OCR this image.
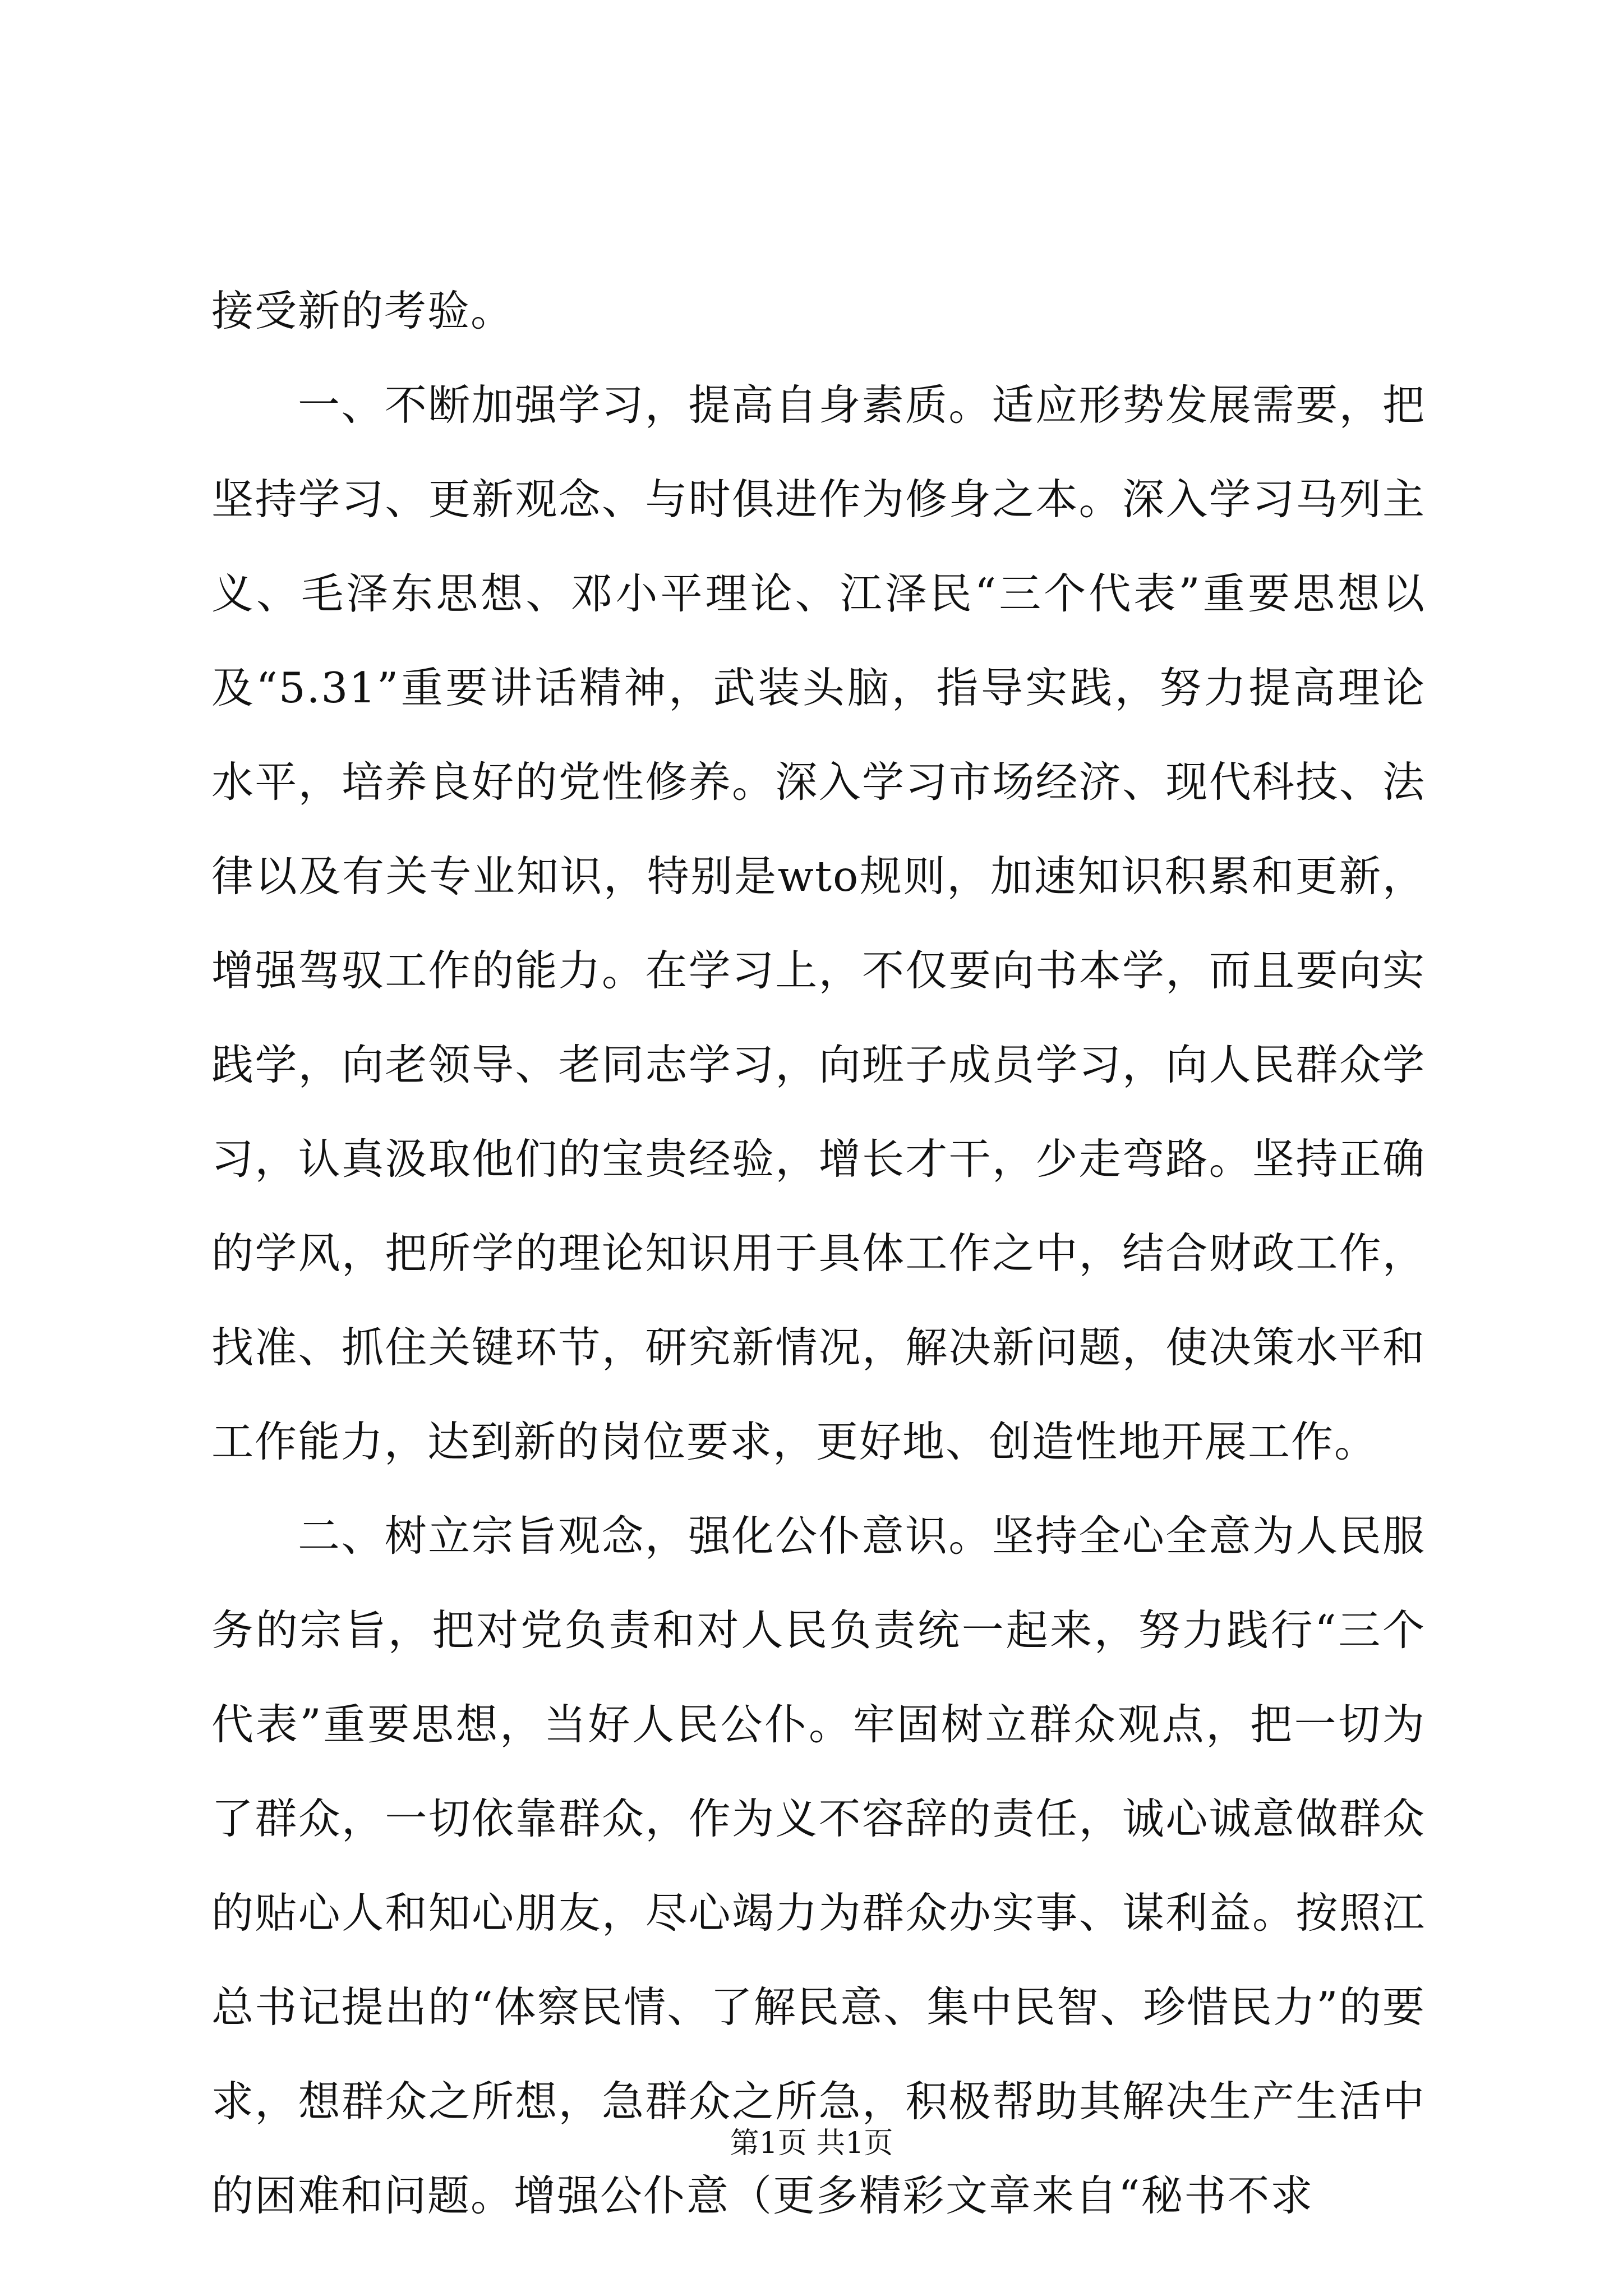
接受新的考验。

一、不断加强学习，提高自身素质。适应形势发展需要，把坚持学习、更新观念、与时俱进作为修身之本。深入学习马列主义、毛泽东思想、邓小平理论、江泽民“三个代表”重要思想以及“5.31”重要讲话精神，武装头脑，指导实践，努力提高理论水平，培养良好的党性修养。深入学习市场经济、现代科技、法律以及有关专业知识，特别是wto规则，加速知识积累和更新，增强驾驭工作的能力。在学习上，不仅要向书本学，而且要向实践学，向老领导、老同志学习，向班子成员学习，向人民群众学习，认真汲取他们的宝贵经验，增长才干，少走弯路。坚持正确的学风，把所学的理论知识用于具体工作之中，结合财政工作，找准、抓住关键环节，研究新情况，解决新问题，使决策水平和工作能力，达到新的岗位要求，更好地、创造性地开展工作。

二、树立宗旨观念，强化公仆意识。坚持全心全意为人民服务的宗旨，把对党负责和对人民负责统一起来，努力践行“三个代表”重要思想，当好人民公仆。牢固树立群众观点，把一切为了群众，一切依靠群众，作为义不容辞的责任，诚心诚意做群众的贴心人和知心朋友，尽心竭力为群众办实事、谋利益。按照江总书记提出的“体察民情、了解民意、集中民智、珍惜民力”的要求，想群众之所想，急群众之所急，积极帮助其解决生产生活中的困难和问题。增强公仆意（更多精彩文章来自“秘书不求

第1页 共1页
